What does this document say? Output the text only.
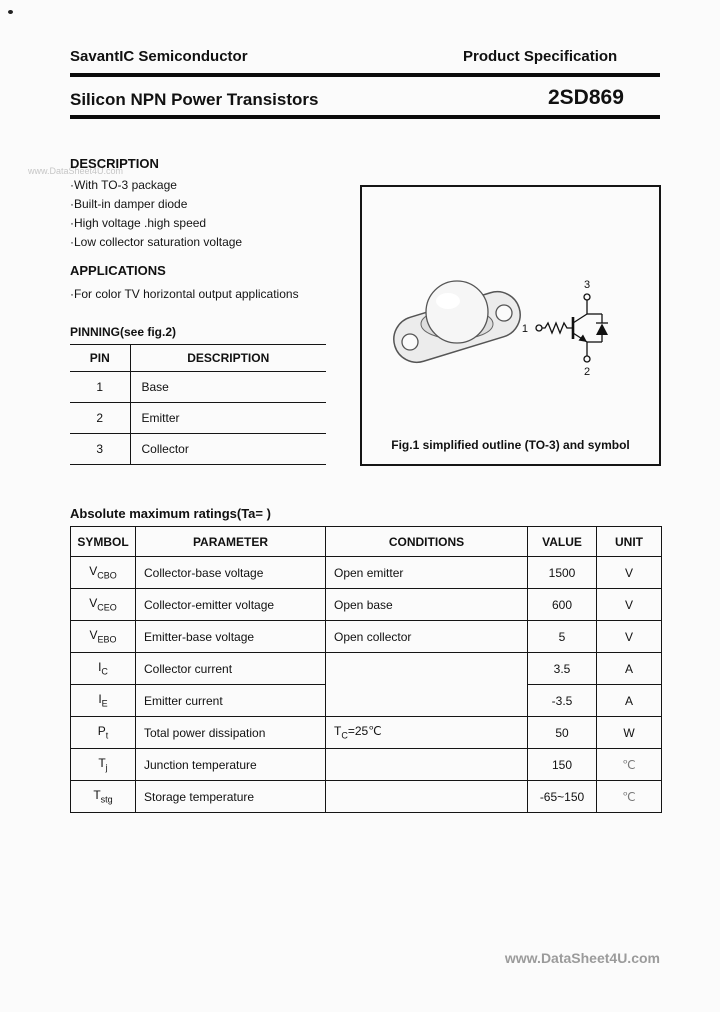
SavantIC Semiconductor	Product Specification
Silicon NPN Power Transistors	2SD869
www.DataSheet4U.com
DESCRIPTION
·With TO-3 package
·Built-in damper diode
·High voltage .high speed
·Low collector saturation voltage
APPLICATIONS
·For color TV horizontal output applications
PINNING(see fig.2)
PIN	DESCRIPTION
1	Base
2	Emitter
3	Collector
3
1
2
Fig.1 simplified outline (TO-3) and symbol
Absolute maximum ratings(Ta= )
SYMBOL	PARAMETER	CONDITIONS	VALUE	UNIT
$V_{CBO}$	Collector-base voltage	Open emitter	1500	V
$V_{CEO}$	Collector-emitter voltage	Open base	600	V
$V_{EBO}$	Emitter-base voltage	Open collector	5	V
$I_C$	Collector current		3.5	A
$I_E$	Emitter current		-3.5	A
$P_t$	Total power dissipation	$T_C=25℃$	50	W
$T_j$	Junction temperature		150	℃
$T_{stg}$	Storage temperature		-65~150	℃
www.DataSheet4U.com
